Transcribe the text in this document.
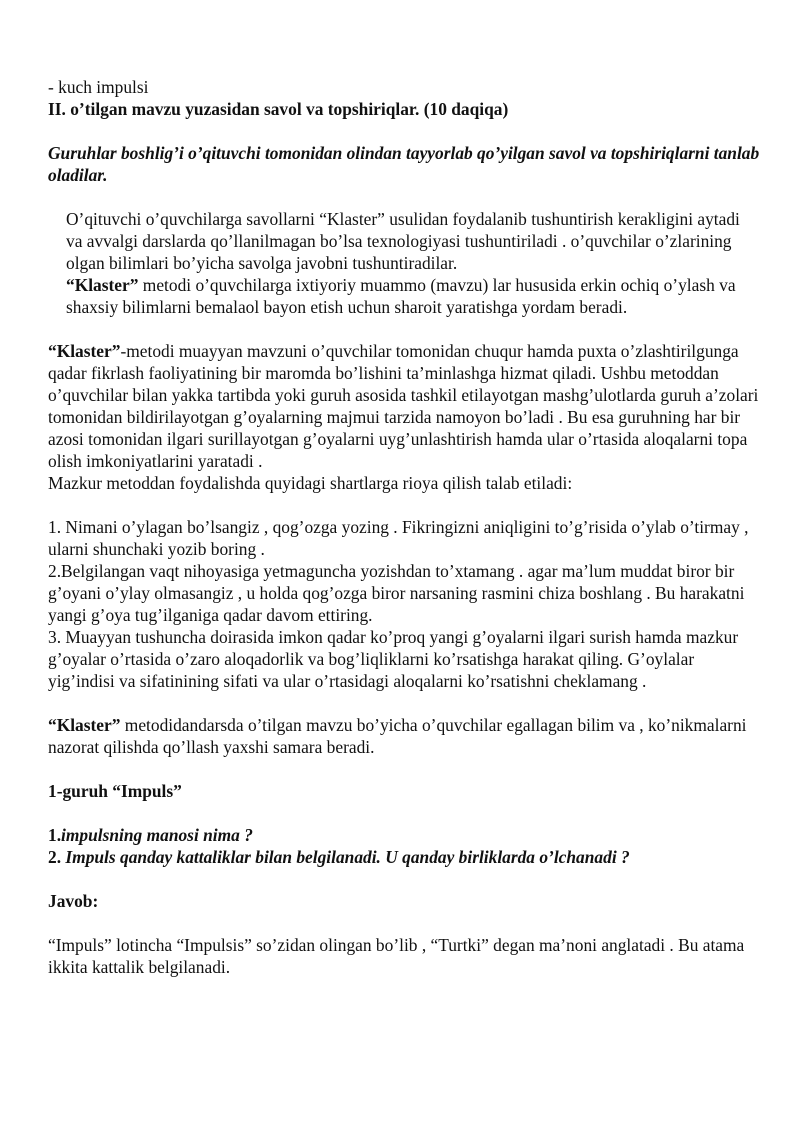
- kuch impulsi

II. o’tilgan mavzu yuzasidan savol va topshiriqlar. (10 daqiqa)

Guruhlar boshlig’i o’qituvchi tomonidan olindan tayyorlab qo’yilgan savol va topshiriqlarni tanlab oladilar.

O’qituvchi o’quvchilarga savollarni “Klaster” usulidan foydalanib tushuntirish kerakligini aytadi va avvalgi darslarda qo’llanilmagan bo’lsa texnologiyasi tushuntiriladi . o’quvchilar o’zlarining olgan bilimlari bo’yicha savolga javobni tushuntiradilar.

“Klaster” metodi o’quvchilarga ixtiyoriy muammo (mavzu) lar hususida erkin ochiq o’ylash va shaxsiy bilimlarni bemalaol bayon etish uchun sharoit yaratishga yordam beradi.

“Klaster”-metodi muayyan mavzuni o’quvchilar tomonidan chuqur hamda puxta o’zlashtirilgunga qadar fikrlash faoliyatining bir maromda bo’lishini ta’minlashga hizmat qiladi. Ushbu metoddan o’quvchilar bilan yakka tartibda yoki guruh asosida tashkil etilayotgan mashg’ulotlarda guruh a’zolari tomonidan bildirilayotgan g’oyalarning majmui tarzida namoyon bo’ladi . Bu esa guruhning har bir azosi tomonidan ilgari surillayotgan g’oyalarni uyg’unlashtirish hamda ular o’rtasida aloqalarni topa olish imkoniyatlarini yaratadi .

Mazkur metoddan foydalishda quyidagi shartlarga rioya qilish talab etiladi:

1. Nimani o’ylagan bo’lsangiz , qog’ozga yozing . Fikringizni aniqligini to’g’risida o’ylab o’tirmay , ularni shunchaki yozib boring .

2.Belgilangan vaqt nihoyasiga yetmaguncha yozishdan to’xtamang . agar ma’lum muddat biror bir g’oyani o’ylay olmasangiz , u holda qog’ozga biror narsaning rasmini chiza boshlang . Bu harakatni yangi g’oya tug’ilganiga qadar davom ettiring.

3. Muayyan tushuncha doirasida imkon qadar ko’proq yangi g’oyalarni ilgari surish hamda mazkur g’oyalar o’rtasida o’zaro aloqadorlik va bog’liqliklarni ko’rsatishga harakat qiling. G’oylalar yig’indisi va sifatinining sifati va ular o’rtasidagi aloqalarni ko’rsatishni cheklamang .

“Klaster” metodidandarsda o’tilgan mavzu bo’yicha o’quvchilar egallagan bilim va , ko’nikmalarni nazorat qilishda qo’llash yaxshi samara beradi.

1-guruh “Impuls”

1.impulsning manosi nima ?

2. Impuls qanday kattaliklar bilan belgilanadi. U qanday birliklarda o’lchanadi ?

Javob:

“Impuls” lotincha “Impulsis” so’zidan olingan bo’lib , “Turtki” degan ma’noni anglatadi . Bu atama ikkita kattalik belgilanadi.
